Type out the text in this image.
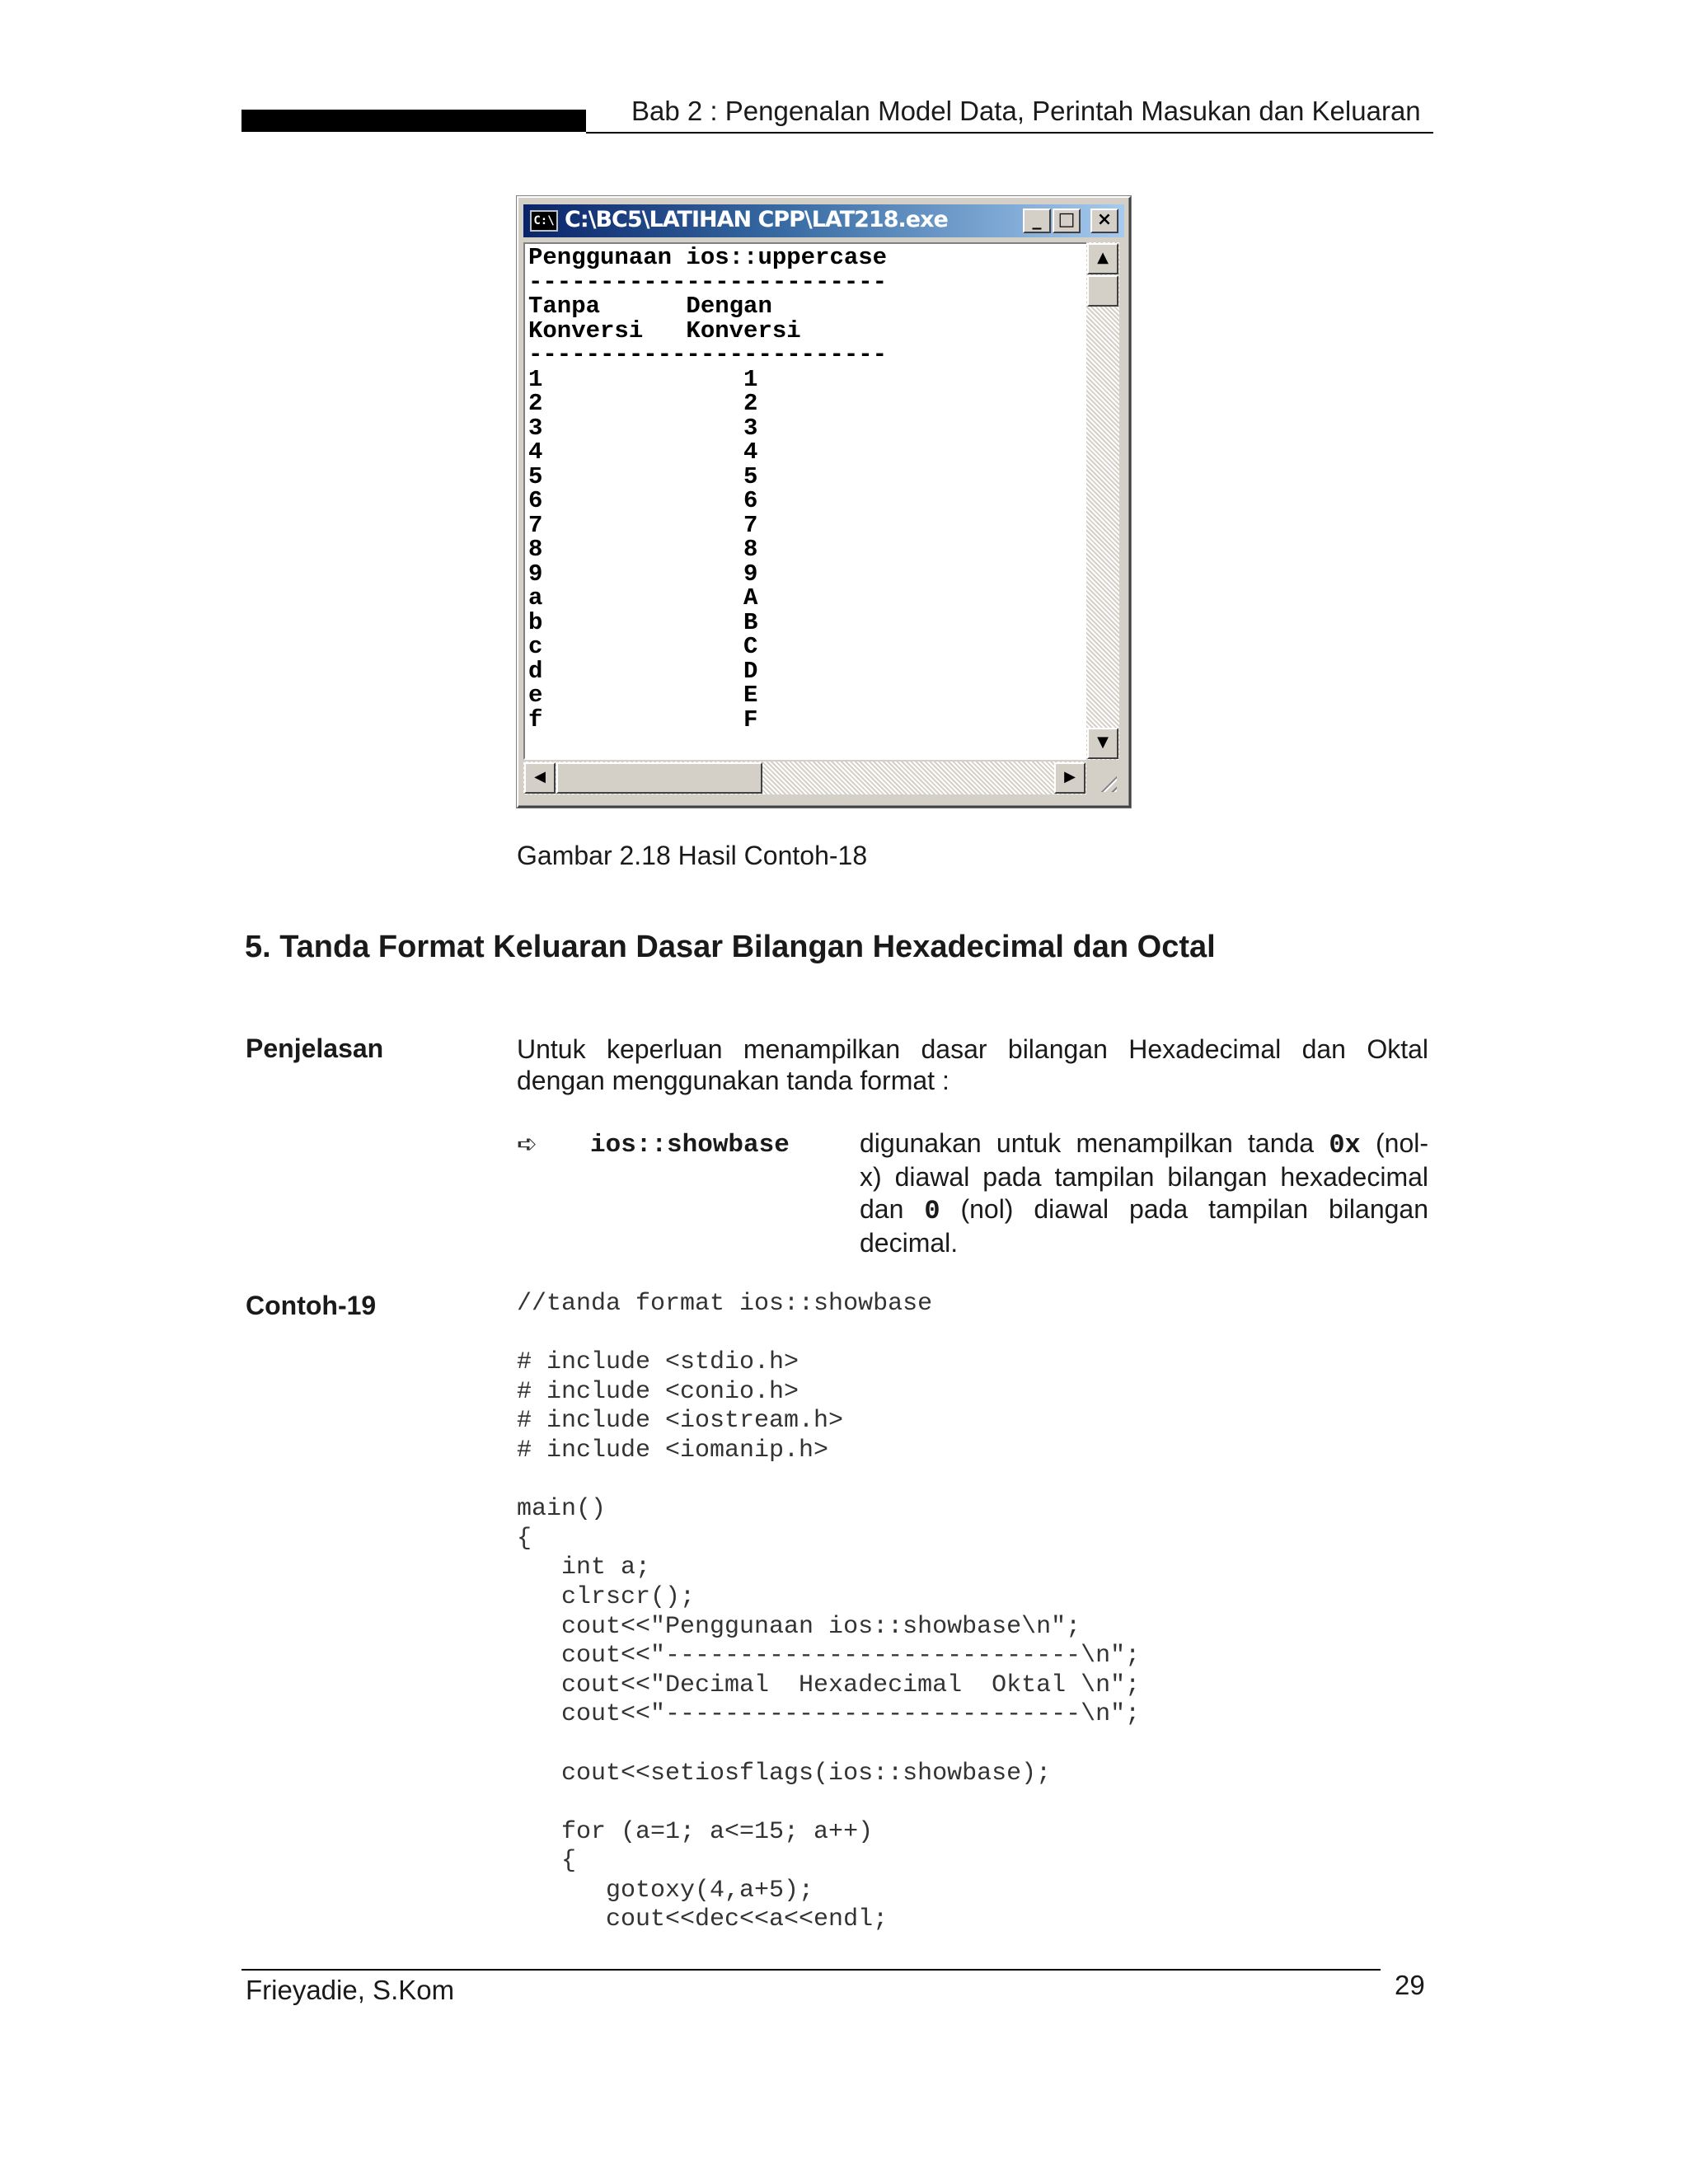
Bab 2 : Pengenalan Model Data, Perintah Masukan dan Keluaran
C:\ C:\BC5\LATIHAN CPP\LAT218.exe	_ □	×
Penggunaan ios::uppercase
-------------------------
Tanpa      Dengan
Konversi   Konversi
-------------------------
1              1
2              2
3              3
4              4
5              5
6              6
7              7
8              8
9              9
a              A
b              B
c              C
d              D
e              E
f              F
▲
▼
◀	▶
Gambar 2.18 Hasil Contoh-18
5. Tanda Format Keluaran Dasar Bilangan Hexadecimal dan Octal
Penjelasan	Untuk keperluan menampilkan dasar bilangan Hexadecimal dan Oktal

dengan menggunakan tanda format :

➪ ios::showbase	digunakan untuk menampilkan tanda 0x (nol-

x) diawal pada tampilan bilangan hexadecimal

dan 0 (nol) diawal pada tampilan bilangan

decimal.

Contoh-19	//tanda format ios::showbase
# include <stdio.h>
# include <conio.h>
# include <iostream.h>
# include <iomanip.h>
main()
{
int a;
clrscr();
cout<<"Penggunaan ios::showbase\n";
cout<<"----------------------------\n";
cout<<"Decimal  Hexadecimal  Oktal \n";
cout<<"----------------------------\n";
cout<<setiosflags(ios::showbase);
for (a=1; a<=15; a++)
{
gotoxy(4,a+5);
cout<<dec<<a<<endl;
Frieyadie, S.Kom	29
